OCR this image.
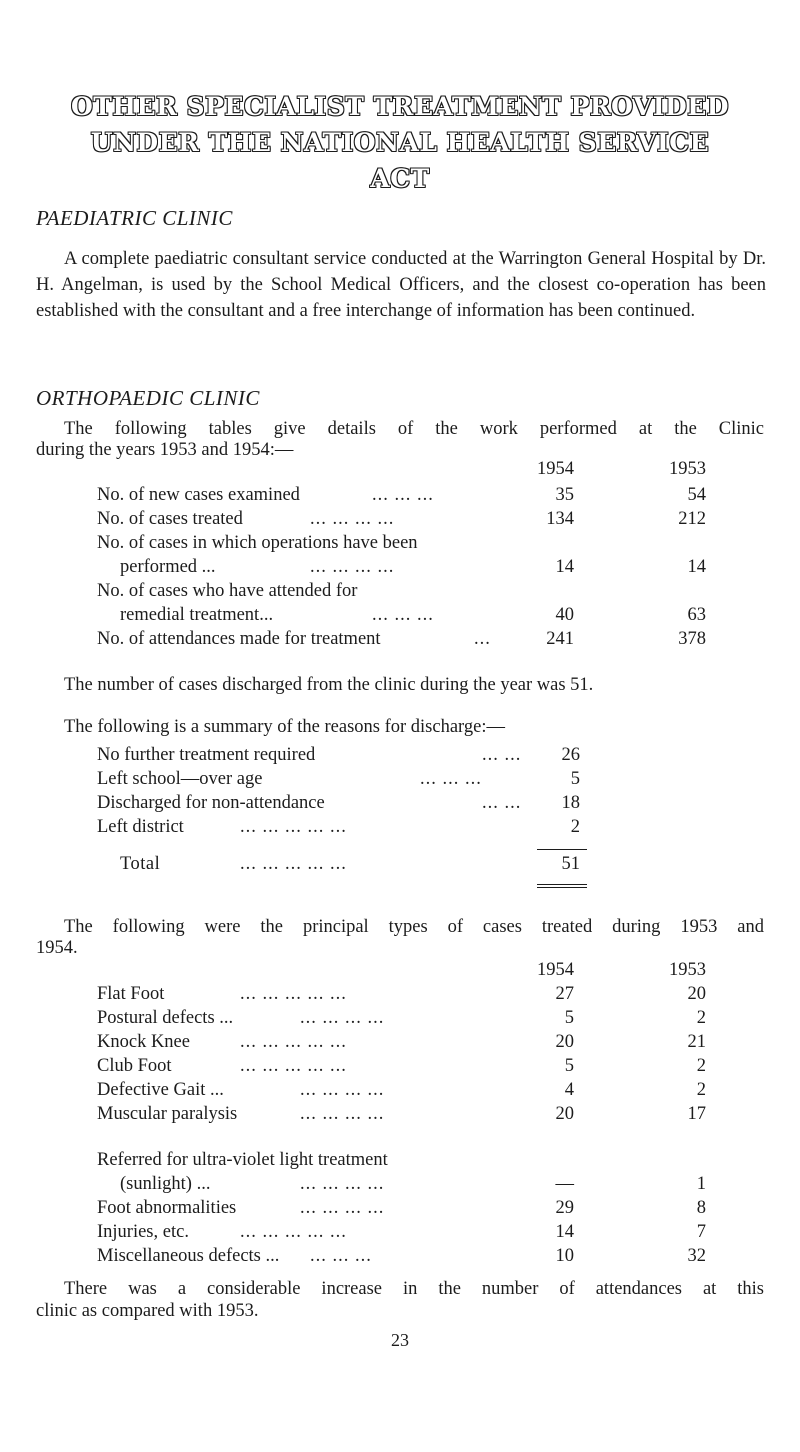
OTHER SPECIALIST TREATMENT PROVIDED
UNDER THE NATIONAL HEALTH SERVICE
ACT
PAEDIATRIC CLINIC

A complete paediatric consultant service conducted at the Warrington General Hospital by Dr. H. Angelman, is used by the School Medical Officers, and the closest co-operation has been established with the consultant and a free interchange of information has been continued.

ORTHOPAEDIC CLINIC
The following tables give details of the work performed at the Clinic
during the years 1953 and 1954:—
1954	1953
No. of new cases examined	... ... ...	35	54
No. of cases treated	... ... ... ...	134	212
No. of cases in which operations have been
performed ...	... ... ... ...	14	14
No. of cases who have attended for
remedial treatment...	... ... ...	40	63
No. of attendances made for treatment	...	241	378
The number of cases discharged from the clinic during the year was 51.
The following is a summary of the reasons for discharge:—
No further treatment required	... ...	26
Left school—over age	... ... ...	5
Discharged for non-attendance	... ...	18
Left district	... ... ... ... ...	2
Total	... ... ... ... ...	51
The following were the principal types of cases treated during 1953 and
1954.
1954	1953
Flat Foot	... ... ... ... ...	27	20
Postural defects ...	... ... ... ...	5	2
Knock Knee	... ... ... ... ...	20	21
Club Foot	... ... ... ... ...	5	2
Defective Gait ...	... ... ... ...	4	2
Muscular paralysis	... ... ... ...	20	17
Referred for ultra-violet light treatment
(sunlight) ...	... ... ... ...	—	1
Foot abnormalities	... ... ... ...	29	8
Injuries, etc.	... ... ... ... ...	14	7
Miscellaneous defects ... ... ... ...	10	32
There was a considerable increase in the number of attendances at this
clinic as compared with 1953.
23
